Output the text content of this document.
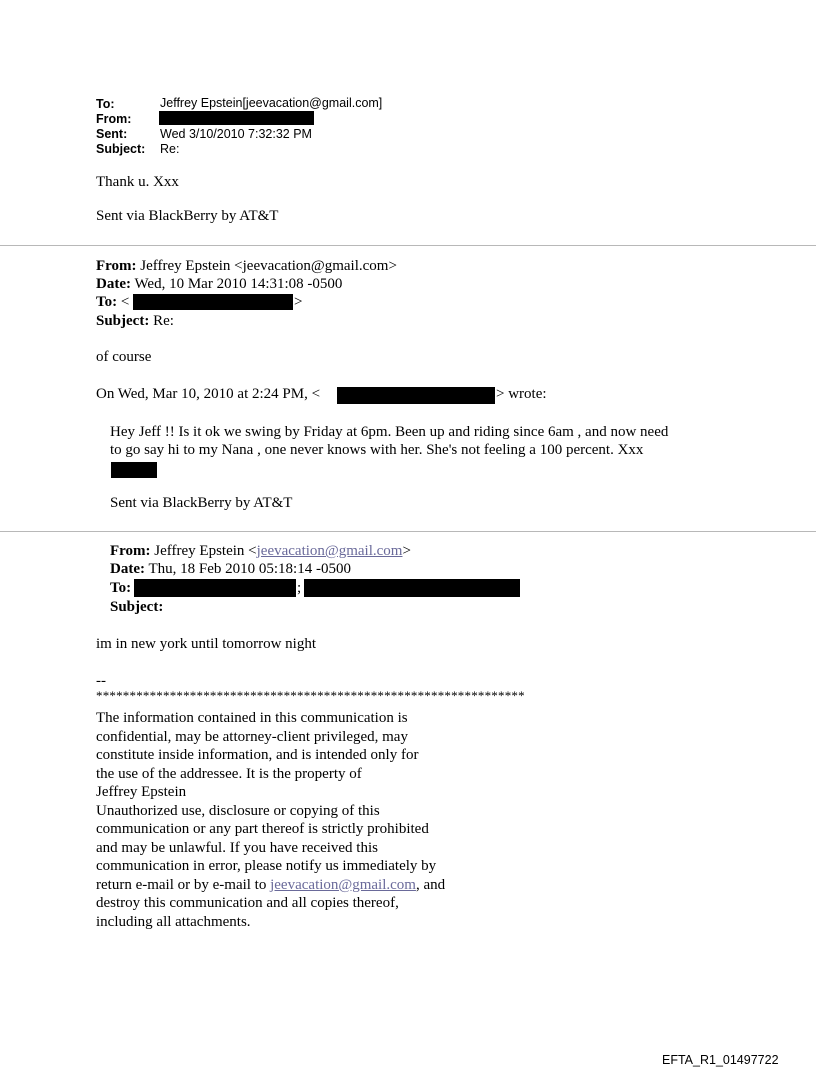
To:	Jeffrey Epstein[jeevacation@gmail.com]
From:
Sent:	Wed 3/10/2010 7:32:32 PM
Subject: Re:
Thank u. Xxx
Sent via BlackBerry by AT&T
From: Jeffrey Epstein <jeevacation@gmail.com>
Date: Wed, 10 Mar 2010 14:31:08 -0500
To: <	>
Subject: Re:
of course
On Wed, Mar 10, 2010 at 2:24 PM, <	> wrote:
Hey Jeff !! Is it ok we swing by Friday at 6pm. Been up and riding since 6am , and now need
to go say hi to my Nana , one never knows with her. She's not feeling a 100 percent. Xxx
Sent via BlackBerry by AT&T
From: Jeffrey Epstein <jeevacation@gmail.com>
Date: Thu, 18 Feb 2010 05:18:14 -0500
To:	;
Subject:
im in new york until tomorrow night
--
****************************************************************
The information contained in this communication is
confidential, may be attorney-client privileged, may
constitute inside information, and is intended only for
the use of the addressee. It is the property of
Jeffrey Epstein
Unauthorized use, disclosure or copying of this
communication or any part thereof is strictly prohibited
and may be unlawful. If you have received this
communication in error, please notify us immediately by
return e-mail or by e-mail to jeevacation@gmail.com, and
destroy this communication and all copies thereof,
including all attachments.
EFTA_R1_01497722
